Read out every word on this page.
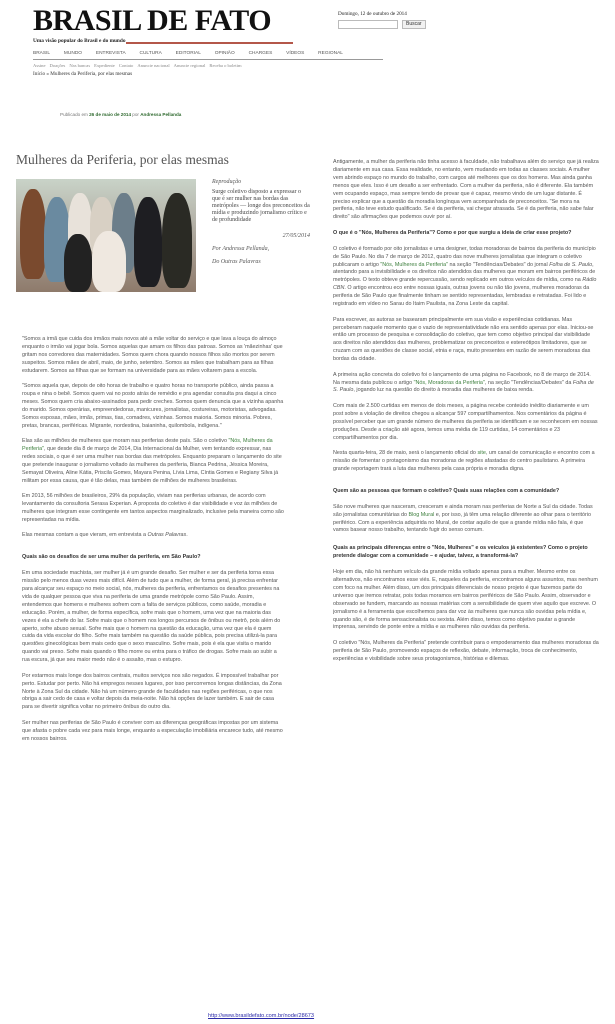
BRASIL DE FATO
Uma visão popular do Brasil e do mundo
Domingo, 12 de outubro de 2014
Buscar
BRASIL	MUNDO	ENTREVISTA	CULTURA	EDITORIAL	OPINIÃO	CHARGES	VÍDEOS	REGIONAL
Assine Doações Nas bancas Expediente Contato Anuncie nacional Anuncie regional Receba o boletim
Início » Mulheres da Periferia, por elas mesmas
Publicado em 26 de maio de 2014 por Andressa Pellanda
Mulheres da Periferia, por elas mesmas
Reprodução
Surge coletivo disposto a expressar o que é ser mulher nas bordas das metrópoles — longe dos preconceitos da mídia e produzindo jornalismo crítico e de profundidade
27/05/2014
Por Andressa Pellanda,
Do Outras Palavras

"Somos a irmã que cuida dos irmãos mais novos até a mãe voltar do serviço e que lava a louça do almoço enquanto o irmão vai jogar bola. Somos aquelas que amam os filhos das patroas. Somos as 'mãezinhas' que gritam nos corredores das maternidades. Somos quem chora quando nossos filhos são mortos por serem suspeitos. Somos mães de abril, maio, de junho, setembro. Somos as mães que trabalham para as filhas estudarem. Somos as filhas que se formam na universidade para as mães voltarem para a escola.

"Somos aquela que, depois de oito horas de trabalho e quatro horas no transporte público, ainda passa a roupa e nina o bebê. Somos quem vai no posto atrás de remédio e pra agendar consulta pra daqui a cinco meses. Somos quem cria abaixo-assinados para pedir creches. Somos quem denuncia que a vizinha apanha do marido. Somos operárias, empreendedoras, manicures, jornalistas, costureiras, motoristas, advogadas. Somos esposas, mães, irmãs, primas, tias, comadres, vizinhas. Somos maioria. Somos minoria. Pobres, pretas, brancas, periféricas. Migrante, nordestina, baianinha, quilombola, indígena."

Elas são as milhões de mulheres que moram nas periferias deste país. São o coletivo "Nós, Mulheres da Periferia", que desde dia 8 de março de 2014, Dia Internacional da Mulher, vem tentando expressar, nas redes sociais, o que é ser uma mulher nas bordas das metrópoles. Enquanto preparam o lançamento do site que pretende inaugurar o jornalismo voltado às mulheres da periferia, Bianca Pedrina, Jéssica Moreira, Semayat Oliveira, Aline Kátia, Priscila Gomes, Mayara Penina, Lívia Lima, Cíntia Gomes e Regiany Silva já militam por essa causa, que é tão delas, mas também de milhões de mulheres brasileiras.

Em 2013, 56 milhões de brasileiros, 29% da população, viviam nas periferias urbanas, de acordo com levantamento da consultoria Serasa Experian. A proposta do coletivo é dar visibilidade e voz às milhões de mulheres que integram esse contingente em tantos aspectos marginalizado, inclusive pela maneira como são representadas na mídia.

Elas mesmas contam a que vieram, em entrevista a Outras Palavras.

Quais são os desafios de ser uma mulher da periferia, em São Paulo?

Em uma sociedade machista, ser mulher já é um grande desafio. Ser mulher e ser da periferia torna essa missão pelo menos duas vezes mais difícil. Além de tudo que a mulher, de forma geral, já precisa enfrentar para alcançar seu espaço no meio social, nós, mulheres da periferia, enfrentamos os desafios presentes na vida de qualquer pessoa que viva na periferia de uma grande metrópole como São Paulo. Assim, entendemos que homens e mulheres sofrem com a falta de serviços públicos, como saúde, moradia e educação. Porém, a mulher, de forma específica, sofre mais que o homem, uma vez que na maioria das vezes é ela a chefe do lar. Sofre mais que o homem nos longos percursos de ônibus ou metrô, pois além do aperto, sofre abuso sexual. Sofre mais que o homem na questão da educação, uma vez que ela é quem cuida da vida escolar do filho. Sofre mais também na questão da saúde pública, pois precisa utilizá-la para questões ginecológicas bem mais cedo que o sexo masculino. Sofre mais, pois é ela que visita o marido quando vai preso. Sofre mais quando o filho morre ou entra para o tráfico de drogas. Sofre mais ao subir a rua escura, já que seu maior medo não é o assalto, mas o estupro.

Por estarmos mais longe dos bairros centrais, muitos serviços nos são negados. É impossível trabalhar por perto. Estudar por perto. Não há empregos nesses lugares, por isso percorremos longas distâncias, da Zona Norte à Zona Sul da cidade. Não há um número grande de faculdades nas regiões periféricas, o que nos obriga a sair cedo de casa e voltar depois da meia-noite. Não há opções de lazer também. E sair de casa para se divertir significa voltar no primeiro ônibus do outro dia.

Ser mulher nas periferias de São Paulo é conviver com as diferenças geográficas impostas por um sistema que afasta o pobre cada vez para mais longe, enquanto a especulação imobiliária encarece tudo, até mesmo em nossos bairros.

Antigamente, a mulher da periferia não tinha acesso à faculdade, não trabalhava além do serviço que já realiza diariamente em sua casa. Essa realidade, no entanto, vem mudando em todas as classes sociais. A mulher vem abrindo espaço no mundo do trabalho, com cargos até melhores que os dos homens. Mas ainda ganha menos que eles. Isso é um desafio a ser enfrentado. Com a mulher da periferia, não é diferente. Ela também vem ocupando espaço, mas sempre tendo de provar que é capaz, mesmo vindo de um lugar distante. É preciso explicar que a questão da moradia longínqua vem acompanhada de preconceitos. "Se mora na periferia, não teve estudo qualificado. Se é da periferia, vai chegar atrasada. Se é da periferia, não sabe falar direito" são afirmações que podemos ouvir por aí.

O que é o "Nós, Mulheres da Periferia"? Como e por que surgiu a ideia de criar esse projeto?

O coletivo é formado por oito jornalistas e uma designer, todas moradoras de bairros da periferia do município de São Paulo. No dia 7 de março de 2012, quatro das nove mulheres jornalistas que integram o coletivo publicaram o artigo "Nós, Mulheres da Periferia" na seção "Tendências/Debates" do jornal Folha de S. Paulo, atentando para a invisibilidade e os direitos não atendidos das mulheres que moram em bairros periféricos de metrópoles. O texto obteve grande repercussão, sendo replicado em outros veículos de mídia, como na Rádio CBN. O artigo encontrou eco entre nossas iguais, outras jovens ou não tão jovens, mulheres moradoras da periferia de São Paulo que finalmente tinham se sentido representadas, lembradas e retratadas. Foi lido e registrado em vídeo no Sarau do Itaim Paulista, na Zona Leste da capital.

Para escrever, as autoras se basearam principalmente em sua visão e experiências cotidianas. Mas perceberam naquele momento que o vazio de representatividade não era sentido apenas por elas. Iniciou-se então um processo de pesquisa e consolidação do coletivo, que tem como objetivo principal dar visibilidade aos direitos não atendidos das mulheres, problematizar os preconceitos e estereótipos limitadores, que se cruzam com as questões de classe social, etnia e raça, muito presentes em razão de serem moradoras das bordas da cidade.

A primeira ação concreta do coletivo foi o lançamento de uma página no Facebook, no 8 de março de 2014. Na mesma data publicou o artigo "Nós, Moradoras da Periferia", na seção "Tendências/Debates" da Folha de S. Paulo, jogando luz na questão do direito à moradia das mulheres de baixa renda.

Com mais de 2.500 curtidas em menos de dois meses, a página recebe conteúdo inédito diariamente e um post sobre a violação de direitos chegou a alcançar 597 compartilhamentos. Nos comentários da página é possível perceber que um grande número de mulheres da periferia se identificam e se reconhecem em nossas produções. Desde a criação até agora, temos uma média de 119 curtidas, 14 comentários e 23 compartilhamentos por dia.

Nesta quarta-feira, 28 de maio, será o lançamento oficial do site, um canal de comunicação e encontro com a missão de fomentar o protagonismo das moradoras de regiões afastadas do centro paulistano. A primeira grande reportagem trará a luta das mulheres pela casa própria e moradia digna.

Quem são as pessoas que formam o coletivo? Quais suas relações com a comunidade?

São nove mulheres que nasceram, cresceram e ainda moram nas periferias de Norte a Sul da cidade. Todas são jornalistas comunitárias do Blog Mural e, por isso, já têm uma relação diferente ao olhar para o território periférico. Com a experiência adquirida no Mural, de contar aquilo de que a grande mídia não fala, é que vamos basear nosso trabalho, tentando fugir do senso comum.

Quais as principais diferenças entre o "Nós, Mulheres" e os veículos já existentes? Como o projeto pretende dialogar com a comunidade – e ajudar, talvez, a transformá-la?

Hoje em dia, não há nenhum veículo da grande mídia voltado apenas para a mulher. Mesmo entre os alternativos, não encontramos esse viés. E, naqueles da periferia, encontramos alguns assuntos, mas nenhum com foco na mulher. Além disso, um dos principais diferenciais de nosso projeto é que fazemos parte do universo que iremos retratar, pois todas moramos em bairros periféricos de São Paulo. Assim, observador e observado se fundem, marcando as nossas matérias com a sensibilidade de quem vive aquilo que escreve. O jornalismo é a ferramenta que escolhemos para dar voz às mulheres que nunca são ouvidas pela mídia e, quando são, é de forma sensacionalista ou sexista. Além disso, temos como objetivo pautar a grande imprensa, servindo de ponte entre a mídia e as mulheres não ouvidas da periferia.

O coletivo "Nós, Mulheres da Periferia" pretende contribuir para o empoderamento das mulheres moradoras da periferia de São Paulo, promovendo espaços de reflexão, debate, informação, troca de conhecimento, experiências e visibilidade sobre seus protagonismos, histórias e dilemas.

http://www.brasildefato.com.br/node/28673
